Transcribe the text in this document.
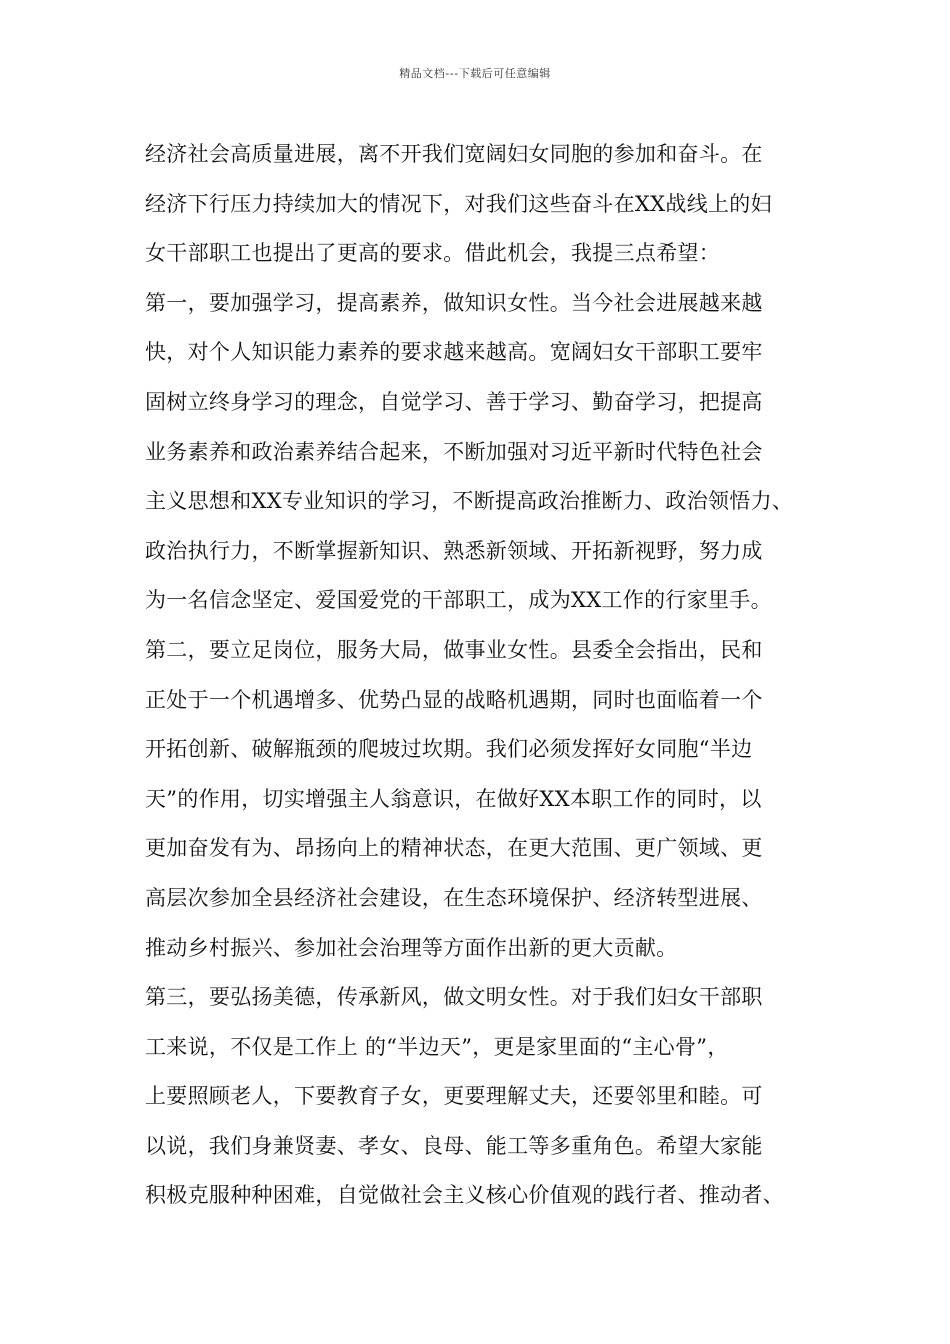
精品文档---下载后可任意编辑
经济社会高质量进展，离不开我们宽阔妇女同胞的参加和奋斗。在
经济下行压力持续加大的情况下，对我们这些奋斗在XX战线上的妇
女干部职工也提出了更高的要求。借此机会，我提三点希望：
第一，要加强学习，提高素养，做知识女性。当今社会进展越来越
快，对个人知识能力素养的要求越来越高。宽阔妇女干部职工要牢
固树立终身学习的理念，自觉学习、善于学习、勤奋学习，把提高
业务素养和政治素养结合起来，不断加强对习近平新时代特色社会
主义思想和XX专业知识的学习，不断提高政治推断力、政治领悟力、
政治执行力，不断掌握新知识、熟悉新领域、开拓新视野，努力成
为一名信念坚定、爱国爱党的干部职工，成为XX工作的行家里手。
第二，要立足岗位，服务大局，做事业女性。县委全会指出，民和
正处于一个机遇增多、优势凸显的战略机遇期，同时也面临着一个
开拓创新、破解瓶颈的爬坡过坎期。我们必须发挥好女同胞“半边
天”的作用，切实增强主人翁意识，在做好XX本职工作的同时，以
更加奋发有为、昂扬向上的精神状态，在更大范围、更广领域、更
高层次参加全县经济社会建设，在生态环境保护、经济转型进展、
推动乡村振兴、参加社会治理等方面作出新的更大贡献。
第三，要弘扬美德，传承新风，做文明女性。对于我们妇女干部职
工来说，不仅是工作上 的“半边天”，更是家里面的“主心骨”，
上要照顾老人，下要教育子女，更要理解丈夫，还要邻里和睦。可
以说，我们身兼贤妻、孝女、良母、能工等多重角色。希望大家能
积极克服种种困难，自觉做社会主义核心价值观的践行者、推动者、
